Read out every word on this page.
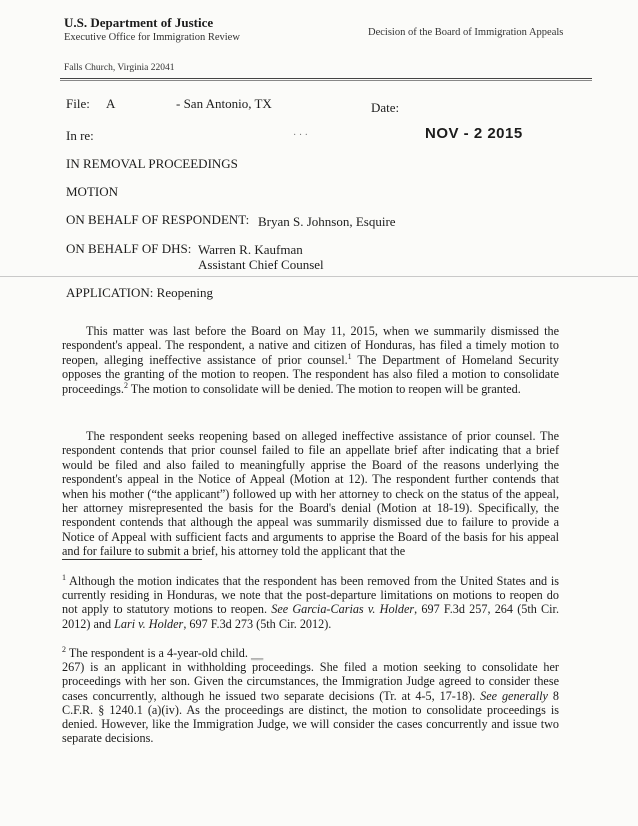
U.S. Department of Justice
Executive Office for Immigration Review	Decision of the Board of Immigration Appeals
Falls Church, Virginia 22041
File: A	- San Antonio, TX	Date:
In re:	· · ·	NOV - 2 2015
IN REMOVAL PROCEEDINGS
MOTION
ON BEHALF OF RESPONDENT: Bryan S. Johnson, Esquire
ON BEHALF OF DHS: Warren R. Kaufman
Assistant Chief Counsel
APPLICATION: Reopening

This matter was last before the Board on May 11, 2015, when we summarily dismissed the respondent's appeal. The respondent, a native and citizen of Honduras, has filed a timely motion to reopen, alleging ineffective assistance of prior counsel.$^1$ The Department of Homeland Security opposes the granting of the motion to reopen. The respondent has also filed a motion to consolidate proceedings.$^2$ The motion to consolidate will be denied. The motion to reopen will be granted.

The respondent seeks reopening based on alleged ineffective assistance of prior counsel. The respondent contends that prior counsel failed to file an appellate brief after indicating that a brief would be filed and also failed to meaningfully apprise the Board of the reasons underlying the respondent's appeal in the Notice of Appeal (Motion at 12). The respondent further contends that when his mother (“the applicant”) followed up with her attorney to check on the status of the appeal, her attorney misrepresented the basis for the Board's denial (Motion at 18-19). Specifically, the respondent contends that although the appeal was summarily dismissed due to failure to provide a Notice of Appeal with sufficient facts and arguments to apprise the Board of the basis for his appeal and for failure to submit a brief, his attorney told the applicant that the

$^1$ Although the motion indicates that the respondent has been removed from the United States and is currently residing in Honduras, we note that the post-departure limitations on motions to reopen do not apply to statutory motions to reopen. See Garcia-Carias v. Holder, 697 F.3d 257, 264 (5th Cir. 2012) and Lari v. Holder, 697 F.3d 273 (5th Cir. 2012).

$^2$ The respondent is a 4-year-old child. ‗‗
267) is an applicant in withholding proceedings. She filed a motion seeking to consolidate her proceedings with her son. Given the circumstances, the Immigration Judge agreed to consider these cases concurrently, although he issued two separate decisions (Tr. at 4-5, 17-18). See generally 8 C.F.R. § 1240.1 (a)(iv). As the proceedings are distinct, the motion to consolidate proceedings is denied. However, like the Immigration Judge, we will consider the cases concurrently and issue two separate decisions.
